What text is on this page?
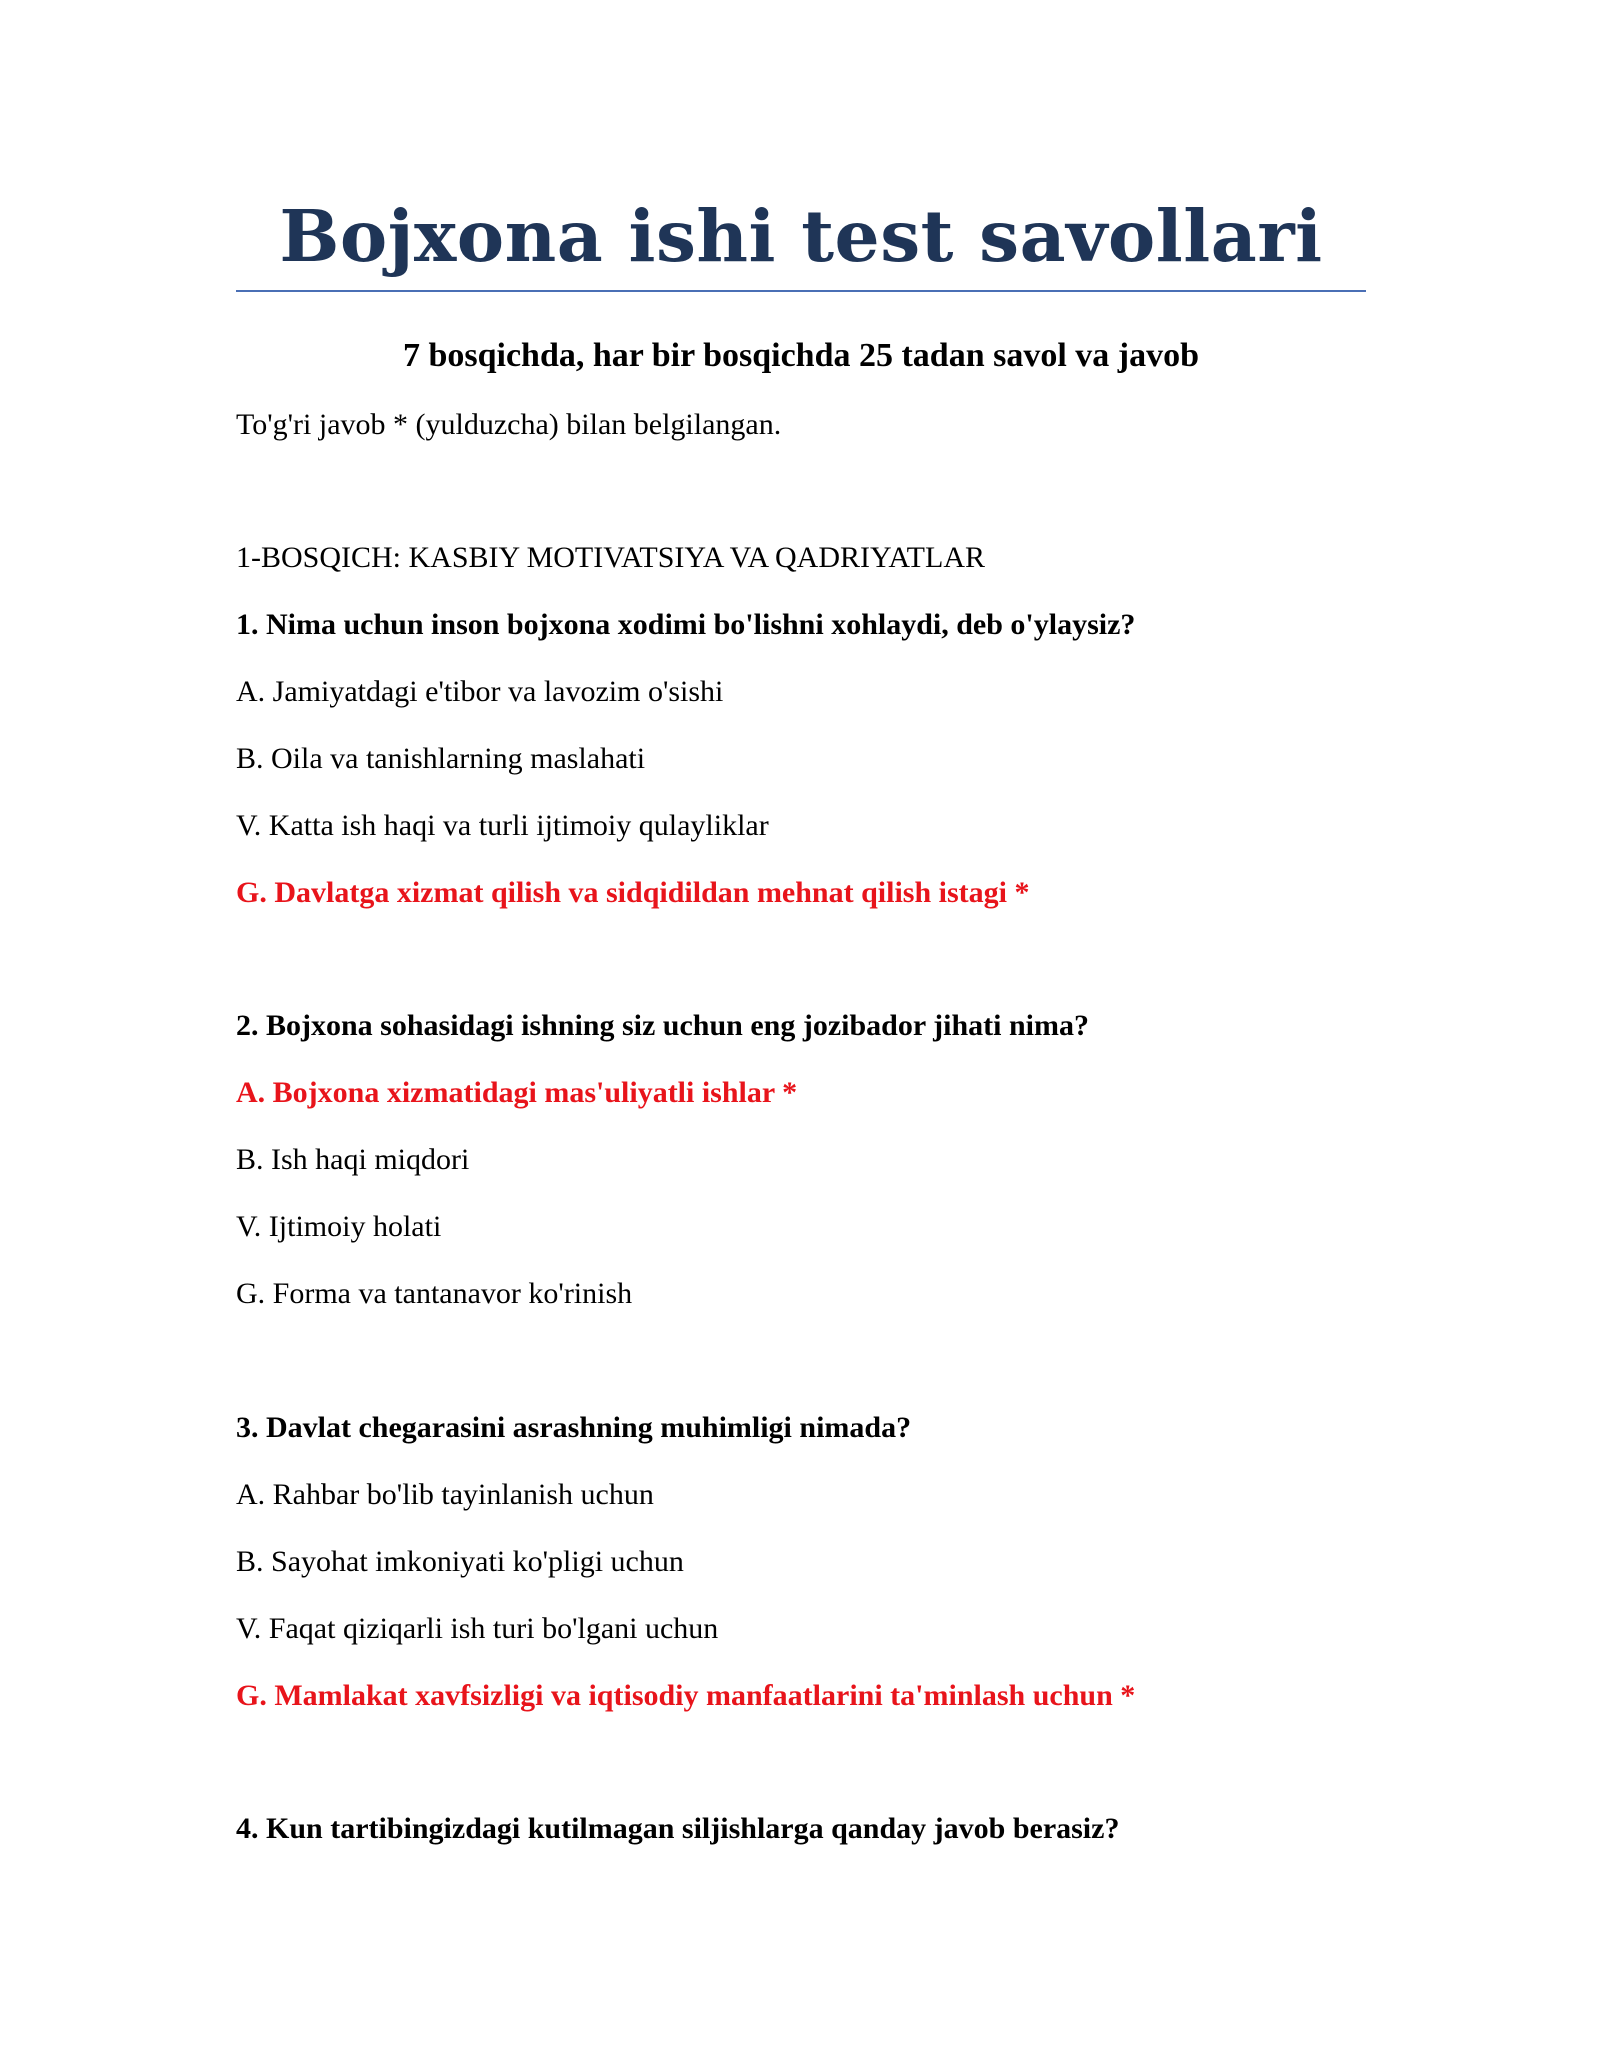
Bojxona ishi test savollari
7 bosqichda, har bir bosqichda 25 tadan savol va javob

To'g'ri javob * (yulduzcha) bilan belgilangan.

1-BOSQICH: KASBIY MOTIVATSIYA VA QADRIYATLAR

1. Nima uchun inson bojxona xodimi bo'lishni xohlaydi, deb o'ylaysiz?

A. Jamiyatdagi e'tibor va lavozim o'sishi

B. Oila va tanishlarning maslahati

V. Katta ish haqi va turli ijtimoiy qulayliklar

G. Davlatga xizmat qilish va sidqidildan mehnat qilish istagi *

2. Bojxona sohasidagi ishning siz uchun eng jozibador jihati nima?

A. Bojxona xizmatidagi mas'uliyatli ishlar *

B. Ish haqi miqdori

V. Ijtimoiy holati

G. Forma va tantanavor ko'rinish

3. Davlat chegarasini asrashning muhimligi nimada?

A. Rahbar bo'lib tayinlanish uchun

B. Sayohat imkoniyati ko'pligi uchun

V. Faqat qiziqarli ish turi bo'lgani uchun

G. Mamlakat xavfsizligi va iqtisodiy manfaatlarini ta'minlash uchun *

4. Kun tartibingizdagi kutilmagan siljishlarga qanday javob berasiz?
